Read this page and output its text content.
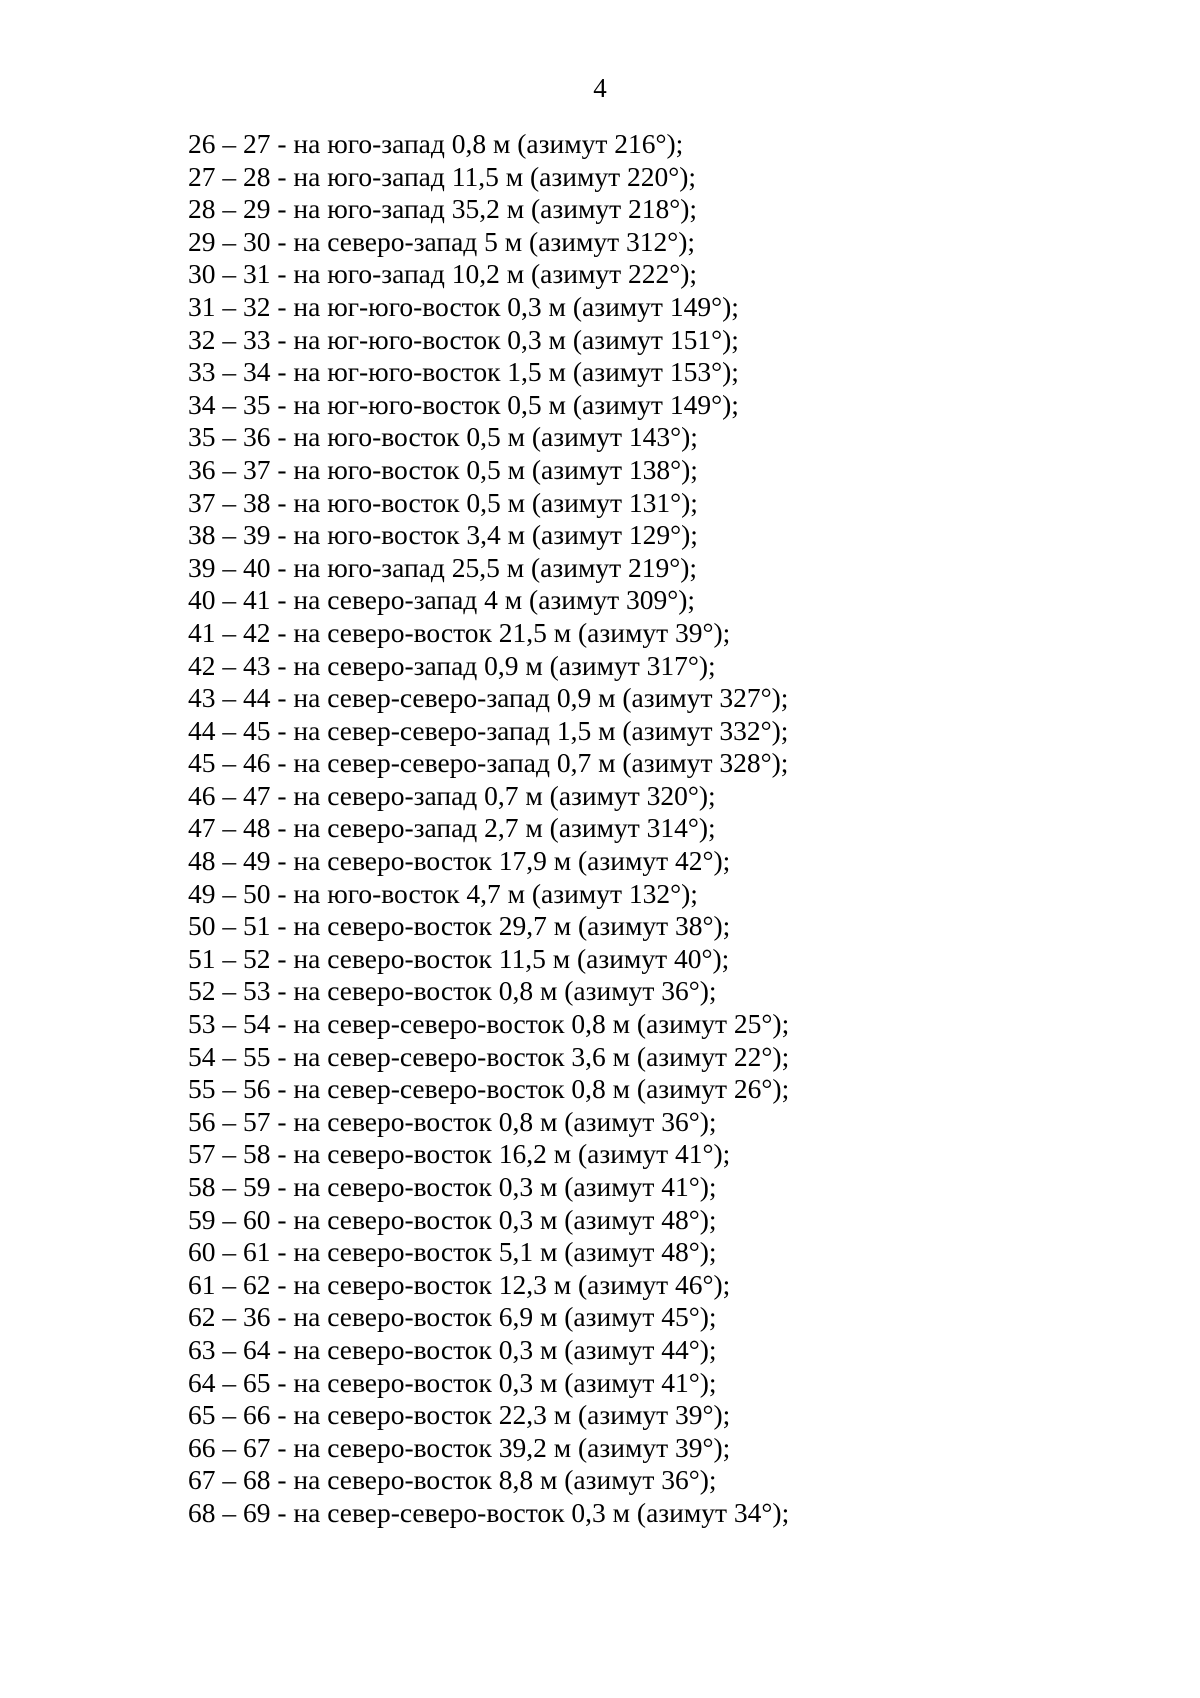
4
26 – 27 - на юго-запад 0,8 м (азимут 216°);
27 – 28 - на юго-запад 11,5 м (азимут 220°);
28 – 29 - на юго-запад 35,2 м (азимут 218°);
29 – 30 - на северо-запад 5 м (азимут 312°);
30 – 31 - на юго-запад 10,2 м (азимут 222°);
31 – 32 - на юг-юго-восток 0,3 м (азимут 149°);
32 – 33 - на юг-юго-восток 0,3 м (азимут 151°);
33 – 34 - на юг-юго-восток 1,5 м (азимут 153°);
34 – 35 - на юг-юго-восток 0,5 м (азимут 149°);
35 – 36 - на юго-восток 0,5 м (азимут 143°);
36 – 37 - на юго-восток 0,5 м (азимут 138°);
37 – 38 - на юго-восток 0,5 м (азимут 131°);
38 – 39 - на юго-восток 3,4 м (азимут 129°);
39 – 40 - на юго-запад 25,5 м (азимут 219°);
40 – 41 - на северо-запад 4 м (азимут 309°);
41 – 42 - на северо-восток 21,5 м (азимут 39°);
42 – 43 - на северо-запад 0,9 м (азимут 317°);
43 – 44 - на север-северо-запад 0,9 м (азимут 327°);
44 – 45 - на север-северо-запад 1,5 м (азимут 332°);
45 – 46 - на север-северо-запад 0,7 м (азимут 328°);
46 – 47 - на северо-запад 0,7 м (азимут 320°);
47 – 48 - на северо-запад 2,7 м (азимут 314°);
48 – 49 - на северо-восток 17,9 м (азимут 42°);
49 – 50 - на юго-восток 4,7 м (азимут 132°);
50 – 51 - на северо-восток 29,7 м (азимут 38°);
51 – 52 - на северо-восток 11,5 м (азимут 40°);
52 – 53 - на северо-восток 0,8 м (азимут 36°);
53 – 54 - на север-северо-восток 0,8 м (азимут 25°);
54 – 55 - на север-северо-восток 3,6 м (азимут 22°);
55 – 56 - на север-северо-восток 0,8 м (азимут 26°);
56 – 57 - на северо-восток 0,8 м (азимут 36°);
57 – 58 - на северо-восток 16,2 м (азимут 41°);
58 – 59 - на северо-восток 0,3 м (азимут 41°);
59 – 60 - на северо-восток 0,3 м (азимут 48°);
60 – 61 - на северо-восток 5,1 м (азимут 48°);
61 – 62 - на северо-восток 12,3 м (азимут 46°);
62 – 36 - на северо-восток 6,9 м (азимут 45°);
63 – 64 - на северо-восток 0,3 м (азимут 44°);
64 – 65 - на северо-восток 0,3 м (азимут 41°);
65 – 66 - на северо-восток 22,3 м (азимут 39°);
66 – 67 - на северо-восток 39,2 м (азимут 39°);
67 – 68 - на северо-восток 8,8 м (азимут 36°);
68 – 69 - на север-северо-восток 0,3 м (азимут 34°);
